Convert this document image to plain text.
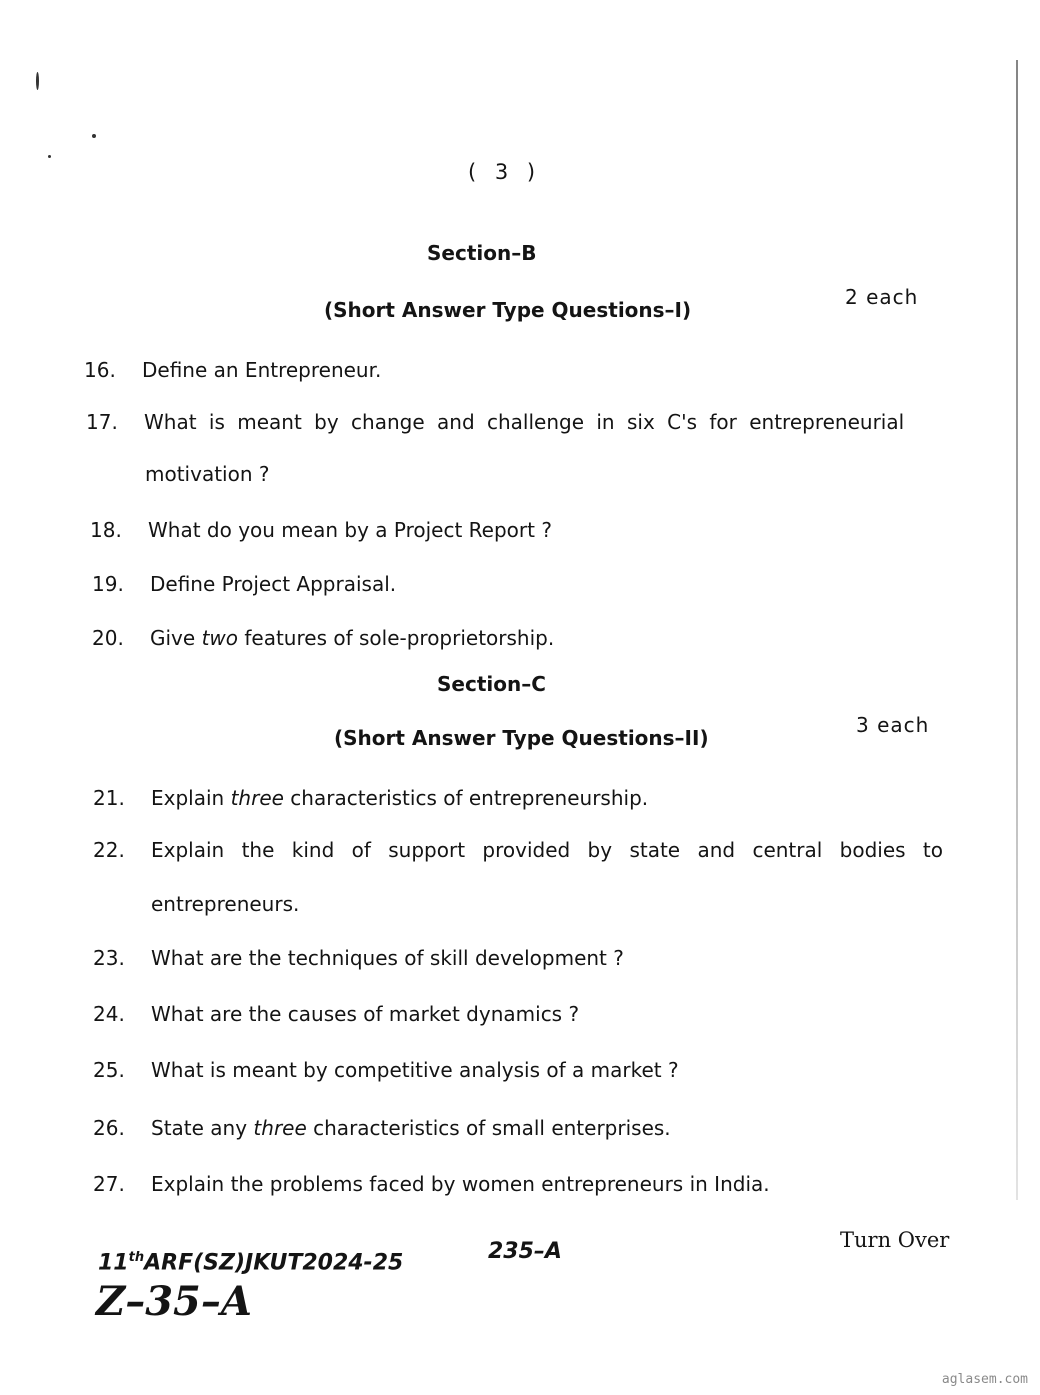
( 3 )
Section–B
(Short Answer Type Questions–I)
2 each
16. Define an Entrepreneur.
17. What is meant by change and challenge in six C's for entrepreneurial
motivation ?
18. What do you mean by a Project Report ?
19. Define Project Appraisal.
20. Give two features of sole-proprietorship.
Section–C
(Short Answer Type Questions–II)
3 each
21. Explain three characteristics of entrepreneurship.
22. Explain the kind of support provided by state and central bodies to
entrepreneurs.
23. What are the techniques of skill development ?
24. What are the causes of market dynamics ?
25. What is meant by competitive analysis of a market ?
26. State any three characteristics of small enterprises.
27. Explain the problems faced by women entrepreneurs in India.
11thARF(SZ)JKUT2024-25	235–A	Turn Over
Z–35–A
aglasem.com
